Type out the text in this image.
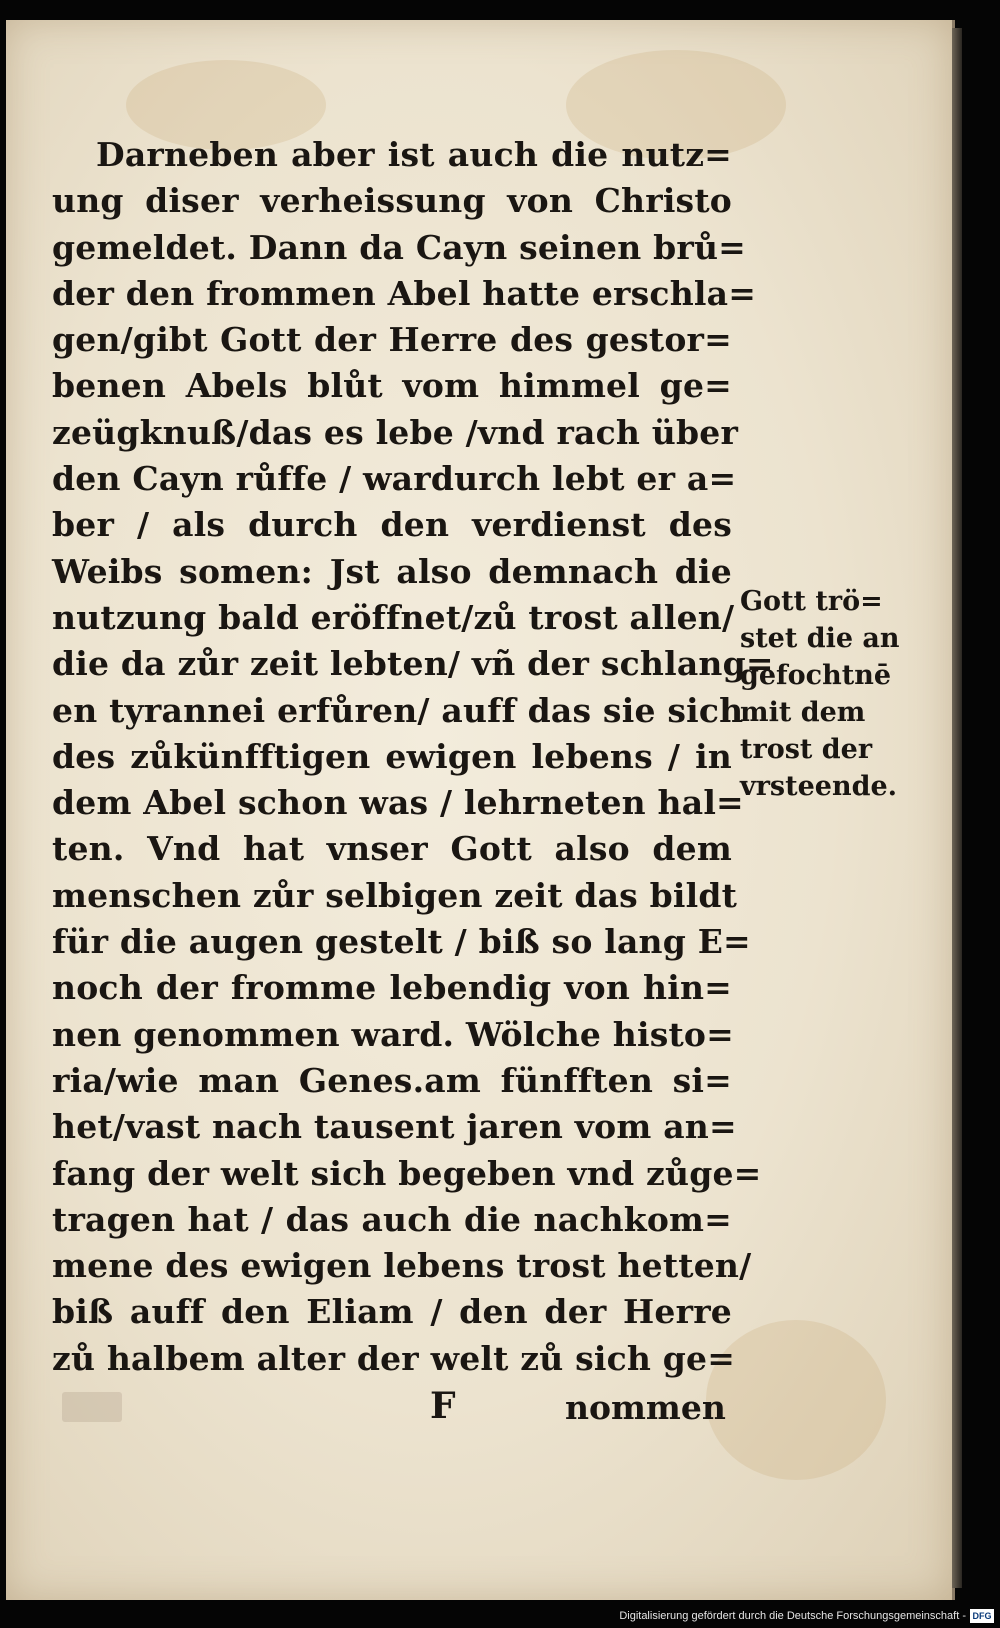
Darneben aber ist auch die nutz=
ung diser verheissung von Christo
gemeldet. Dann da Cayn seinen brů=
der den frommen Abel hatte erschla=
gen/gibt Gott der Herre des gestor=
benen Abels blůt vom himmel ge=
zeügknuß/das es lebe /vnd rach über
den Cayn růffe / wardurch lebt er a=
ber / als durch den verdienst des
Weibs somen: Jst also demnach die
nutzung bald eröffnet/zů trost allen/
die da zůr zeit lebten/ vñ der schlang=
en tyrannei erfůren/ auff das sie sich
des zůkünfftigen ewigen lebens / in
dem Abel schon was / lehrneten hal=
ten. Vnd hat vnser Gott also dem
menschen zůr selbigen zeit das bildt
für die augen gestelt / biß so lang E=
noch der fromme lebendig von hin=
nen genommen ward. Wölche histo=
ria/wie man Genes.am fünfften si=
het/vast nach tausent jaren vom an=
fang der welt sich begeben vnd zůge=
tragen hat / das auch die nachkom=
mene des ewigen lebens trost hetten/
biß auff den Eliam / den der Herre
zů halbem alter der welt zů sich ge=
Gott trö=
stet die an
gefochtnē
mit dem
trost der
vrsteende.
F	nommen
Digitalisierung gefördert durch die Deutsche Forschungsgemeinschaft - DFG
